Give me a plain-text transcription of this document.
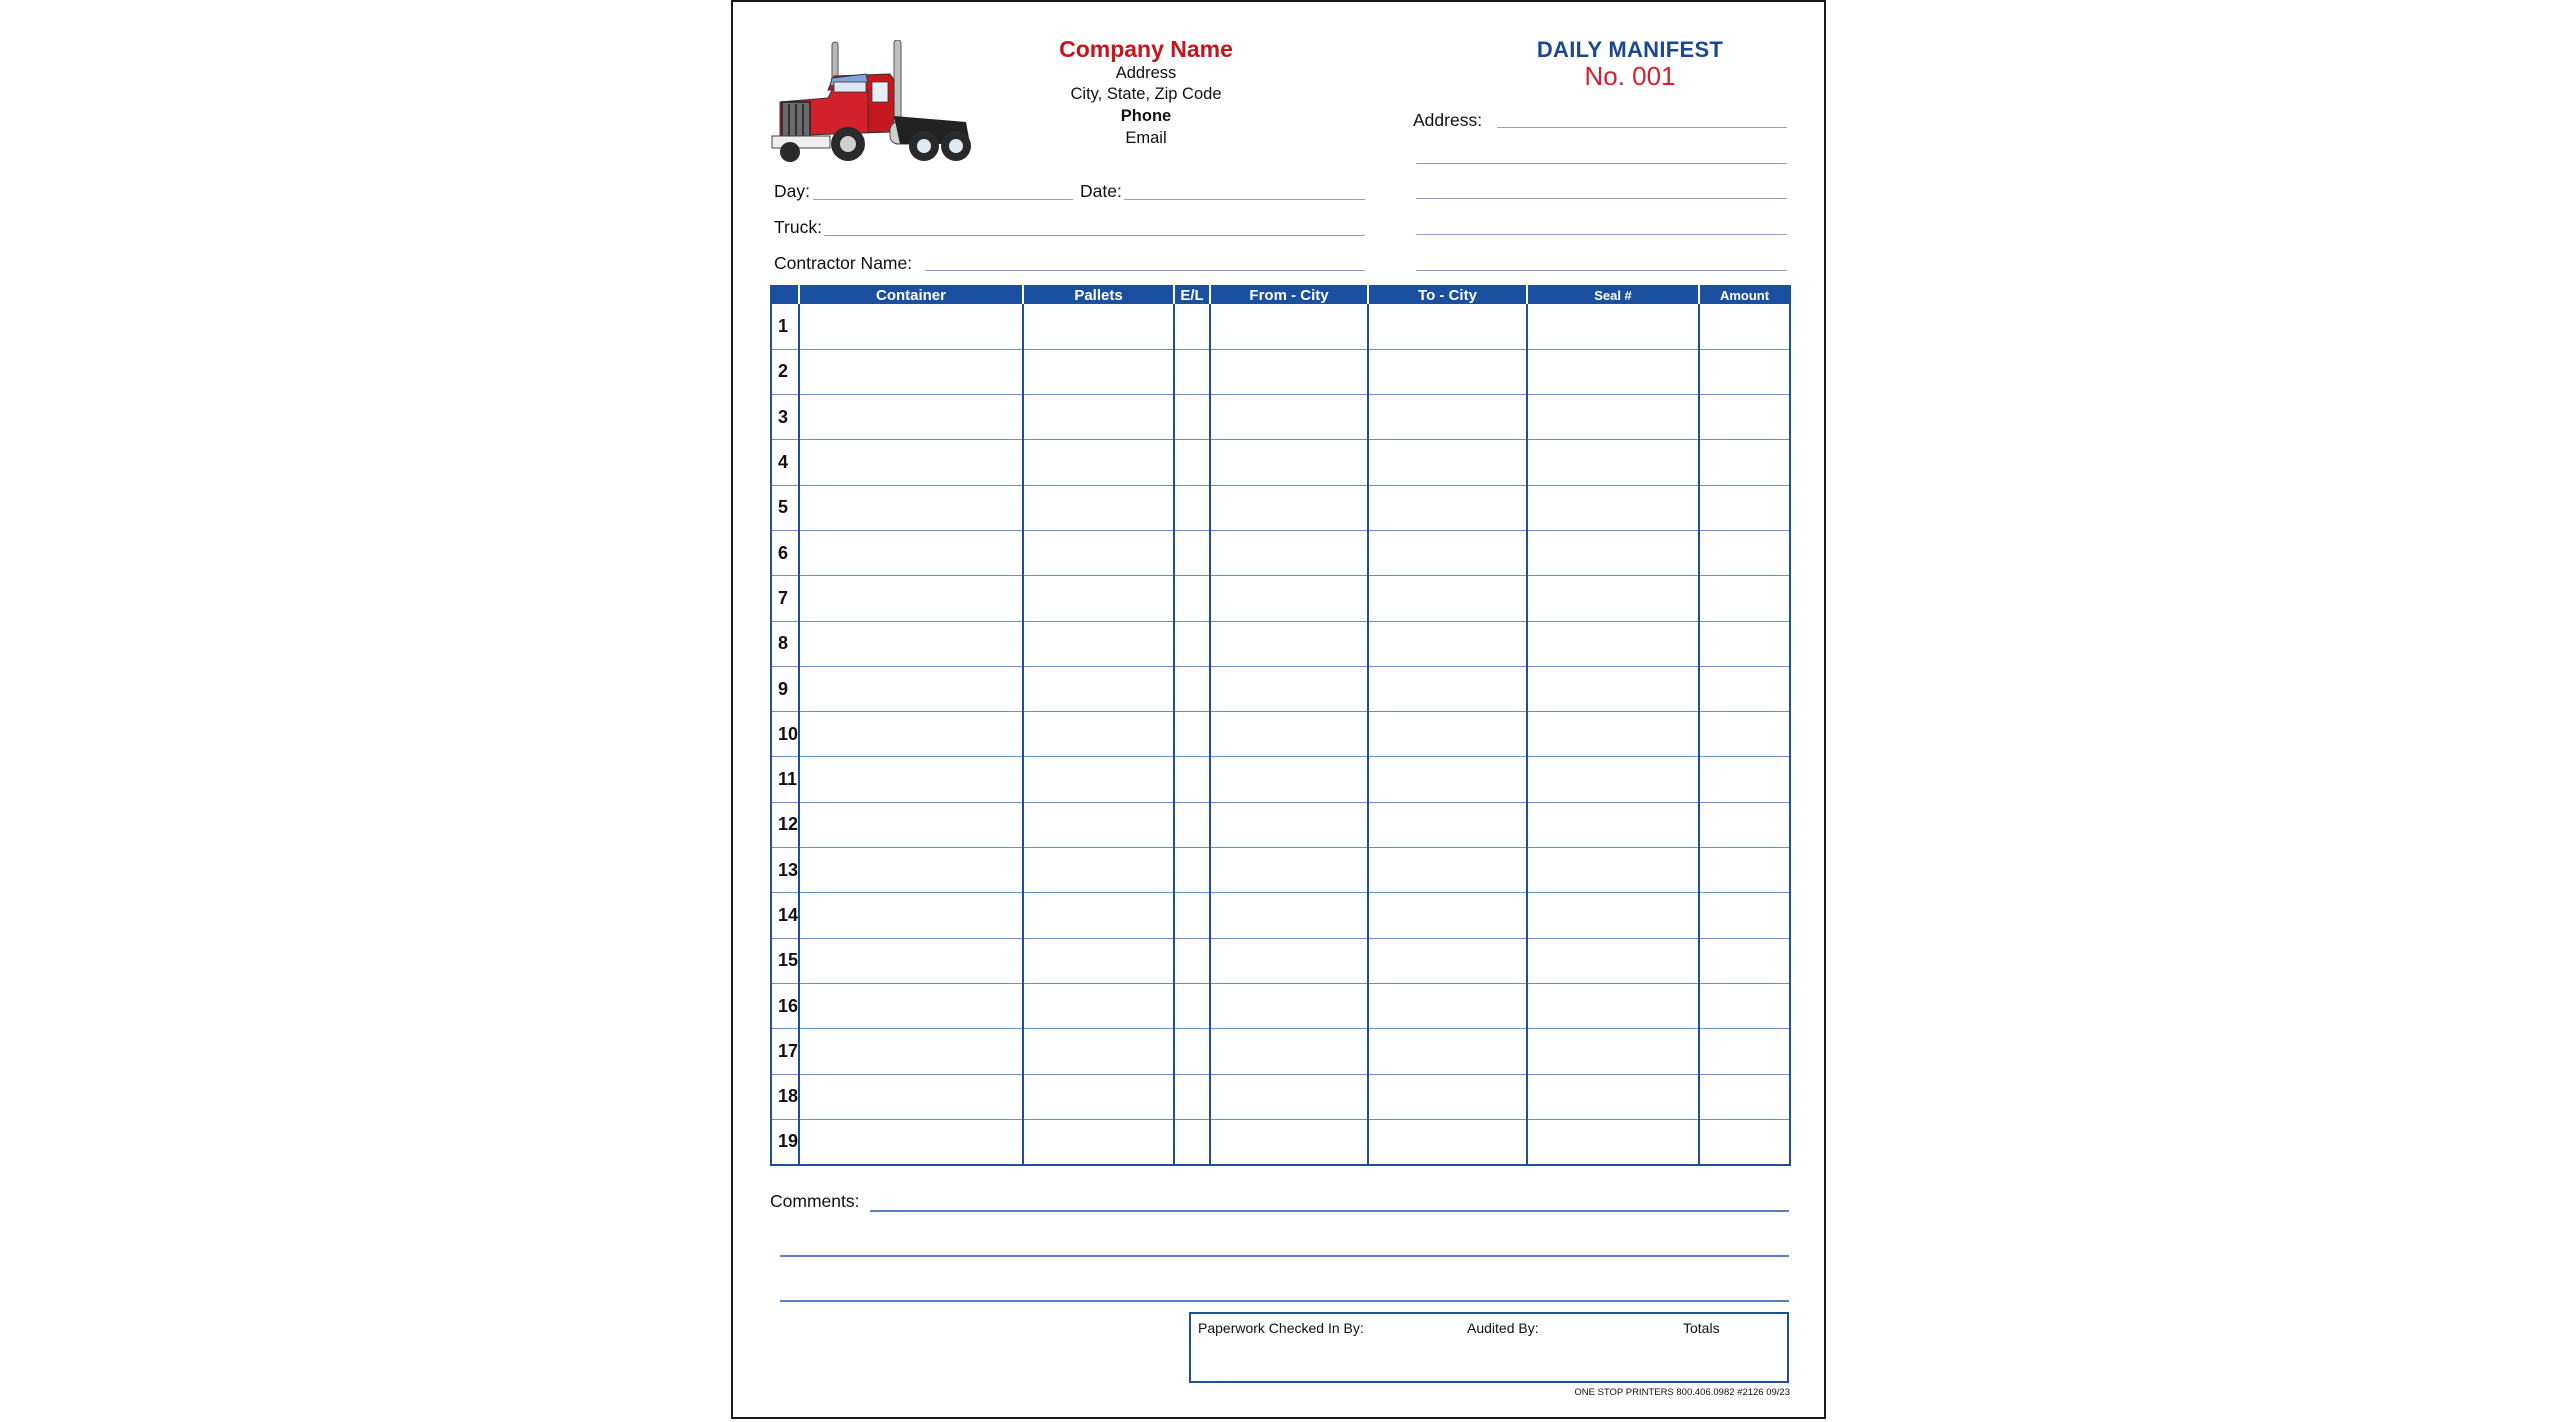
Company Name
Address
City, State, Zip Code
Phone
Email
DAILY MANIFEST
No. 001
Address:
Day:	Date:
Truck:
Contractor Name:
	Container	Pallets	E/L	From - City	To - City	Seal #	Amount
1							
2							
3							
4							
5							
6							
7							
8							
9							
10							
11							
12							
13							
14							
15							
16							
17							
18							
19							
Comments:
Paperwork Checked In By:	Audited By:	Totals
ONE STOP PRINTERS 800.406.0982 #2126 09/23
